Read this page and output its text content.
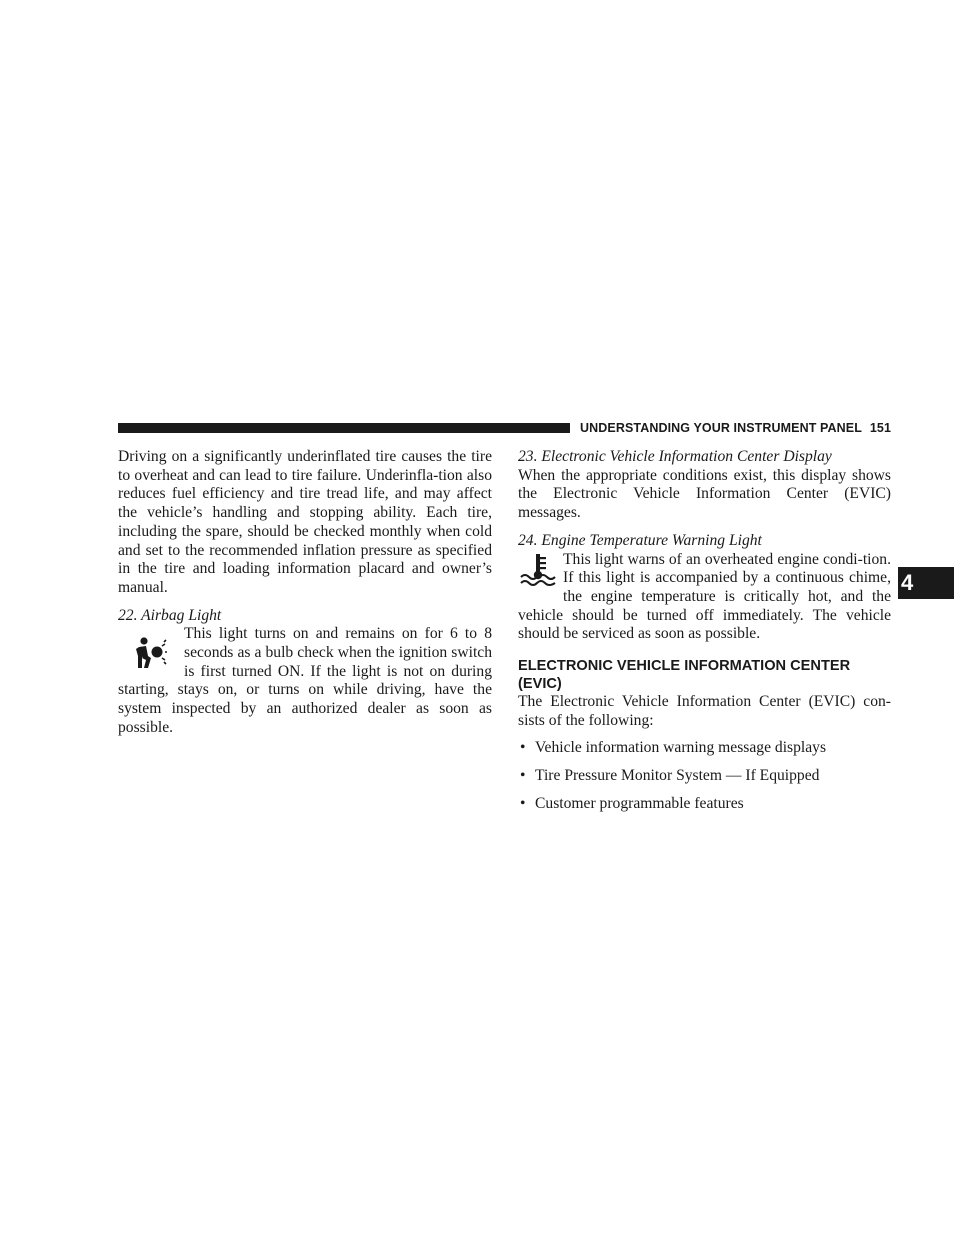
UNDERSTANDING YOUR INSTRUMENT PANEL 151
4

Driving on a significantly underinflated tire causes the tire to overheat and can lead to tire failure. Underinfla-tion also reduces fuel efficiency and tire tread life, and may affect the vehicle’s handling and stopping ability. Each tire, including the spare, should be checked monthly when cold and set to the recommended inflation pressure as specified in the tire and loading information placard and owner’s manual.

22. Airbag Light

This light turns on and remains on for 6 to 8 seconds as a bulb check when the ignition switch is first turned ON. If the light is not on during starting, stays on, or turns on while driving, have the system inspected by an authorized dealer as soon as possible.

23. Electronic Vehicle Information Center Display

When the appropriate conditions exist, this display shows the Electronic Vehicle Information Center (EVIC) messages.

24. Engine Temperature Warning Light

This light warns of an overheated engine condi-tion. If this light is accompanied by a continuous chime, the engine temperature is critically hot, and the vehicle should be turned off immediately. The vehicle should be serviced as soon as possible.

ELECTRONIC VEHICLE INFORMATION CENTER (EVIC)

The Electronic Vehicle Information Center (EVIC) con-sists of the following:

• Vehicle information warning message displays
• Tire Pressure Monitor System — If Equipped
• Customer programmable features
